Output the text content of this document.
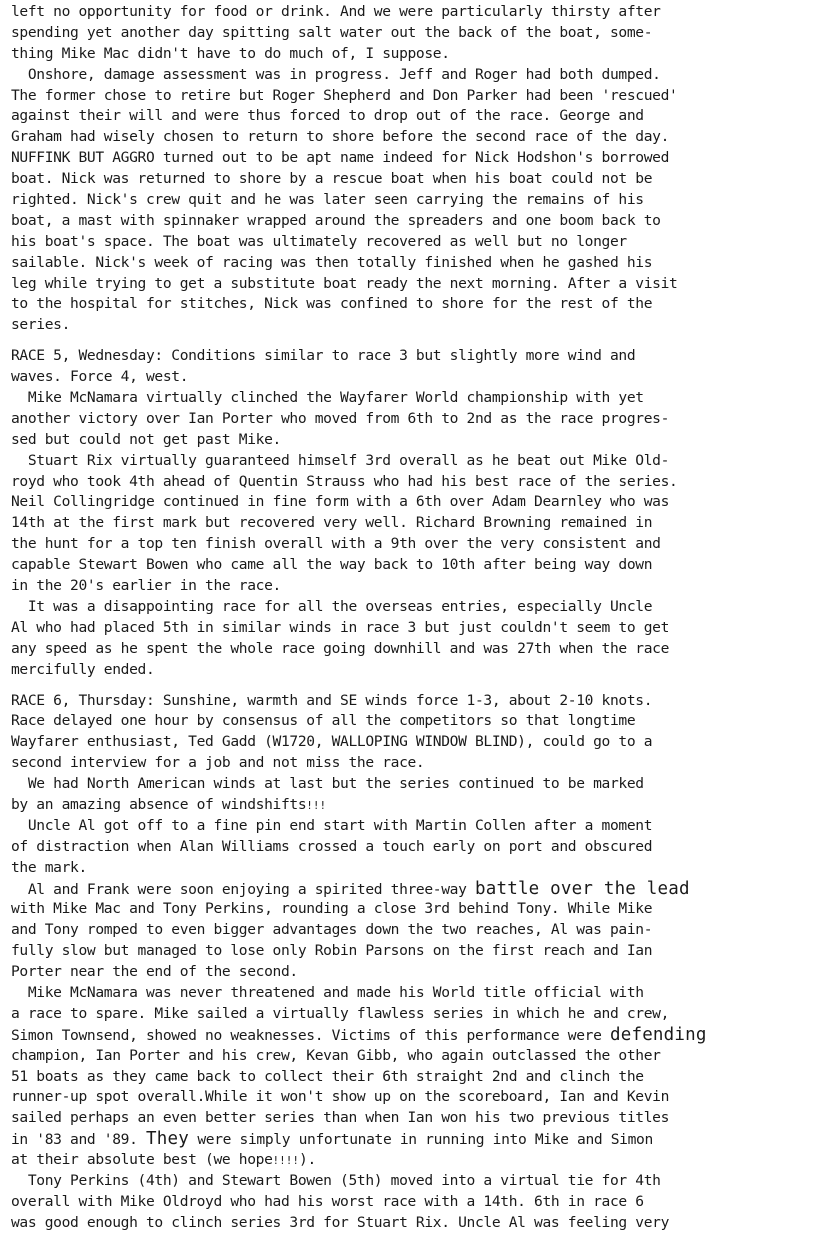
left no opportunity for food or drink. And we were particularly thirsty after
spending yet another day spitting salt water out the back of the boat, some-
thing Mike Mac didn't have to do much of, I suppose.
Onshore, damage assessment was in progress. Jeff and Roger had both dumped.
The former chose to retire but Roger Shepherd and Don Parker had been 'rescued'
against their will and were thus forced to drop out of the race. George and
Graham had wisely chosen to return to shore before the second race of the day.
NUFFINK BUT AGGRO turned out to be apt name indeed for Nick Hodshon's borrowed
boat. Nick was returned to shore by a rescue boat when his boat could not be
righted. Nick's crew quit and he was later seen carrying the remains of his
boat, a mast with spinnaker wrapped around the spreaders and one boom back to
his boat's space. The boat was ultimately recovered as well but no longer
sailable. Nick's week of racing was then totally finished when he gashed his
leg while trying to get a substitute boat ready the next morning. After a visit
to the hospital for stitches, Nick was confined to shore for the rest of the
series.
RACE 5, Wednesday: Conditions similar to race 3 but slightly more wind and
waves. Force 4, west.
Mike McNamara virtually clinched the Wayfarer World championship with yet
another victory over Ian Porter who moved from 6th to 2nd as the race progres-
sed but could not get past Mike.
Stuart Rix virtually guaranteed himself 3rd overall as he beat out Mike Old-
royd who took 4th ahead of Quentin Strauss who had his best race of the series.
Neil Collingridge continued in fine form with a 6th over Adam Dearnley who was
14th at the first mark but recovered very well. Richard Browning remained in
the hunt for a top ten finish overall with a 9th over the very consistent and
capable Stewart Bowen who came all the way back to 10th after being way down
in the 20's earlier in the race.
It was a disappointing race for all the overseas entries, especially Uncle
Al who had placed 5th in similar winds in race 3 but just couldn't seem to get
any speed as he spent the whole race going downhill and was 27th when the race
mercifully ended.
RACE 6, Thursday: Sunshine, warmth and SE winds force 1-3, about 2-10 knots.
Race delayed one hour by consensus of all the competitors so that longtime
Wayfarer enthusiast, Ted Gadd (W1720, WALLOPING WINDOW BLIND), could go to a
second interview for a job and not miss the race.
We had North American winds at last but the series continued to be marked
by an amazing absence of windshifts!!!
Uncle Al got off to a fine pin end start with Martin Collen after a moment
of distraction when Alan Williams crossed a touch early on port and obscured
the mark.
Al and Frank were soon enjoying a spirited three-way battle over the lead
with Mike Mac and Tony Perkins, rounding a close 3rd behind Tony. While Mike
and Tony romped to even bigger advantages down the two reaches, Al was pain-
fully slow but managed to lose only Robin Parsons on the first reach and Ian
Porter near the end of the second.
Mike McNamara was never threatened and made his World title official with
a race to spare. Mike sailed a virtually flawless series in which he and crew,
Simon Townsend, showed no weaknesses. Victims of this performance were defending
champion, Ian Porter and his crew, Kevan Gibb, who again outclassed the other
51 boats as they came back to collect their 6th straight 2nd and clinch the
runner-up spot overall.While it won't show up on the scoreboard, Ian and Kevin
sailed perhaps an even better series than when Ian won his two previous titles
in '83 and '89. They were simply unfortunate in running into Mike and Simon
at their absolute best (we hope!!!!).
Tony Perkins (4th) and Stewart Bowen (5th) moved into a virtual tie for 4th
overall with Mike Oldroyd who had his worst race with a 14th. 6th in race 6
was good enough to clinch series 3rd for Stuart Rix. Uncle Al was feeling very
